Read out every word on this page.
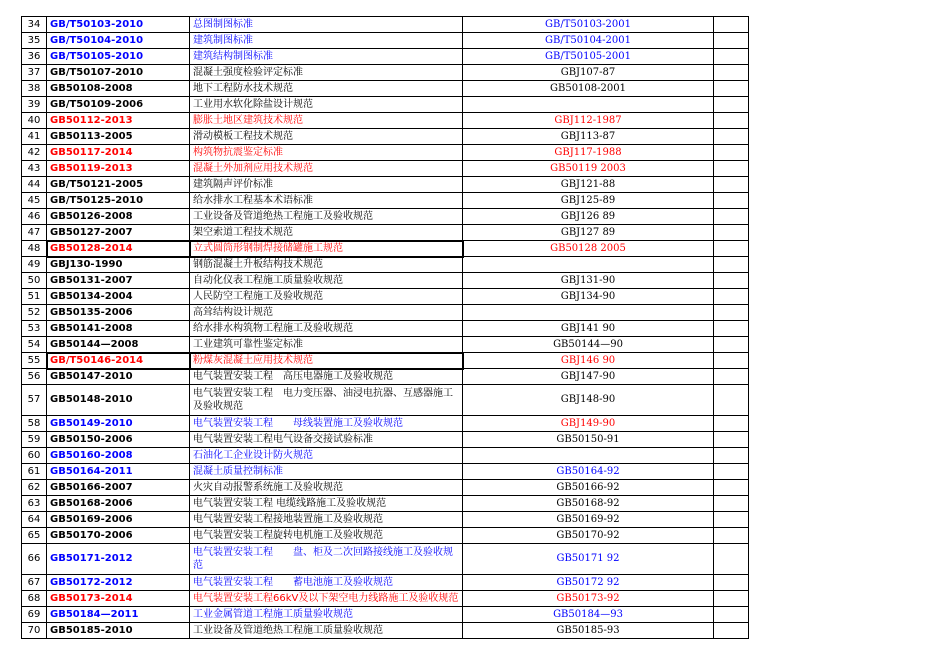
34	GB/T50103-2010	总图制图标准	GB/T50103-2001	
35	GB/T50104-2010	建筑制图标准	GB/T50104-2001	
36	GB/T50105-2010	建筑结构制图标准	GB/T50105-2001	
37	GB/T50107-2010	混凝土强度检验评定标准	GBJ107-87	
38	GB50108-2008	地下工程防水技术规范	GB50108-2001	
39	GB/T50109-2006	工业用水软化除盐设计规范		
40	GB50112-2013	膨胀土地区建筑技术规范	GBJ112-1987	
41	GB50113-2005	滑动模板工程技术规范	GBJ113-87	
42	GB50117-2014	构筑物抗震鉴定标准	GBJ117-1988	
43	GB50119-2013	混凝土外加剂应用技术规范	GB50119 2003	
44	GB/T50121-2005	建筑隔声评价标准	GBJ121-88	
45	GB/T50125-2010	给水排水工程基本术语标准	GBJ125-89	
46	GB50126-2008	工业设备及管道绝热工程施工及验收规范	GBJ126 89	
47	GB50127-2007	架空索道工程技术规范	GBJ127 89	
48	GB50128-2014	立式圆筒形钢制焊接储罐施工规范	GB50128 2005	
49	GBJ130-1990	钢筋混凝土升板结构技术规范		
50	GB50131-2007	自动化仪表工程施工质量验收规范	GBJ131-90	
51	GB50134-2004	人民防空工程施工及验收规范	GBJ134-90	
52	GB50135-2006	高耸结构设计规范		
53	GB50141-2008	给水排水构筑物工程施工及验收规范	GBJ141 90	
54	GB50144—2008	工业建筑可靠性鉴定标准	GB50144—90	
55	GB/T50146-2014	粉煤灰混凝土应用技术规范	GBJ146 90	
56	GB50147-2010	电气装置安装工程　高压电器施工及验收规范	GBJ147-90	
57	GB50148-2010	电气装置安装工程　电力变压器、油浸电抗器、互感器施工及验收规范	GBJ148-90	
58	GB50149-2010	电气装置安装工程　　母线装置施工及验收规范	GBJ149-90	
59	GB50150-2006	电气装置安装工程电气设备交接试验标准	GB50150-91	
60	GB50160-2008	石油化工企业设计防火规范		
61	GB50164-2011	混凝土质量控制标准	GB50164-92	
62	GB50166-2007	火灾自动报警系统施工及验收规范	GB50166-92	
63	GB50168-2006	电气装置安装工程 电缆线路施工及验收规范	GB50168-92	
64	GB50169-2006	电气装置安装工程接地装置施工及验收规范	GB50169-92	
65	GB50170-2006	电气装置安装工程旋转电机施工及验收规范	GB50170-92	
66	GB50171-2012	电气装置安装工程　　盘、柜及二次回路接线施工及验收规范	GB50171 92	
67	GB50172-2012	电气装置安装工程　　蓄电池施工及验收规范	GB50172 92	
68	GB50173-2014	电气装置安装工程66kV及以下架空电力线路施工及验收规范	GB50173-92	
69	GB50184—2011	工业金属管道工程施工质量验收规范	GB50184—93	
70	GB50185-2010	工业设备及管道绝热工程施工质量验收规范	GB50185-93	
